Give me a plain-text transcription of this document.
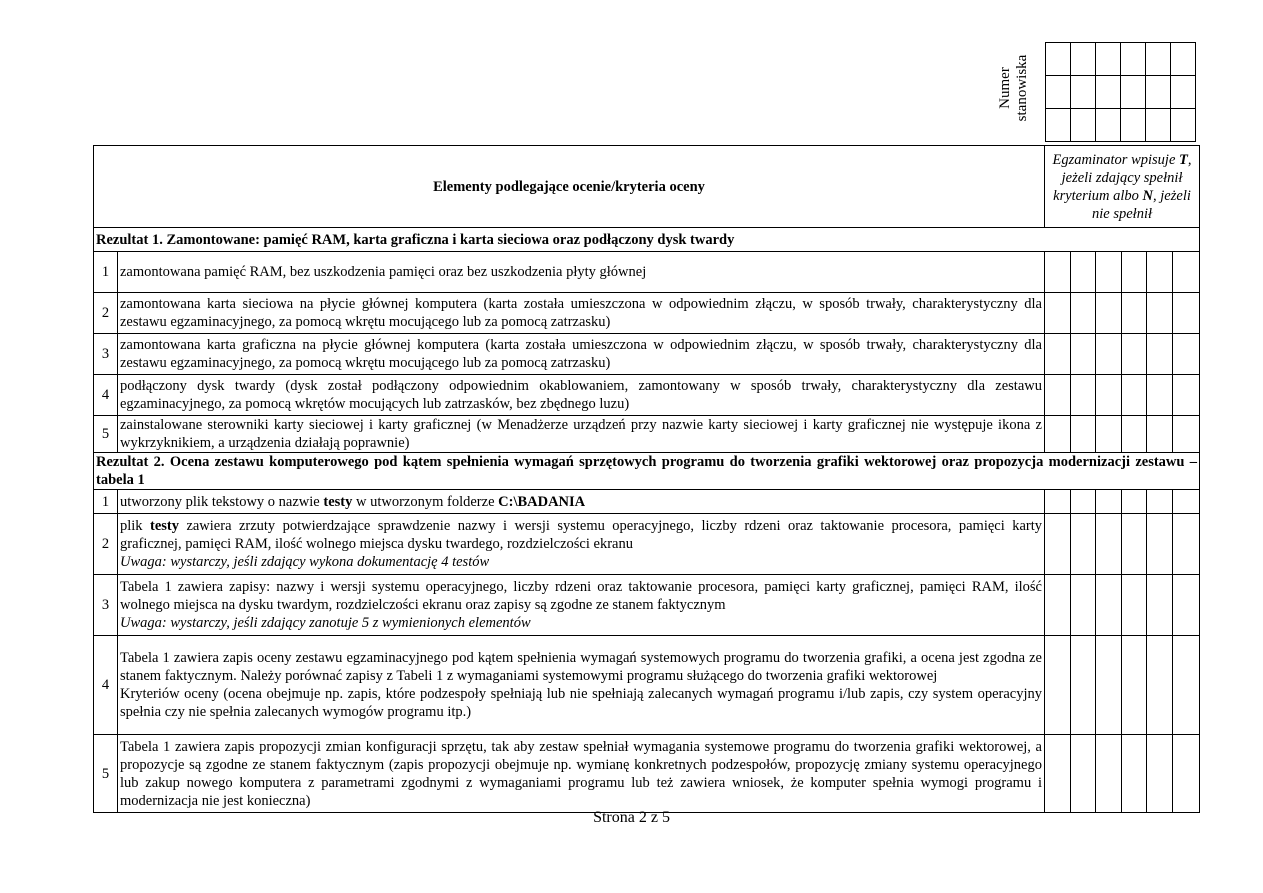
Numer
stanowiska

Elementy podlegające ocenie/kryteria oceny		Egzaminator wpisuje T, jeżeli zdający spełnił kryterium albo N, jeżeli nie spełnił					
Rezultat 1. Zamontowane: pamięć RAM, karta graficzna i karta sieciowa oraz podłączony dysk twardy							
1	zamontowana pamięć RAM, bez uszkodzenia pamięci oraz bez uszkodzenia płyty głównej						
2	zamontowana karta sieciowa na płycie głównej komputera (karta została umieszczona w odpowiednim złączu, w sposób trwały, charakterystyczny dla zestawu egzaminacyjnego, za pomocą wkrętu mocującego lub za pomocą zatrzasku)						
3	zamontowana karta graficzna na płycie głównej komputera (karta została umieszczona w odpowiednim złączu, w sposób trwały, charakterystyczny dla zestawu egzaminacyjnego, za pomocą wkrętu mocującego lub za pomocą zatrzasku)						
4	podłączony dysk twardy (dysk został podłączony odpowiednim okablowaniem, zamontowany w sposób trwały, charakterystyczny dla zestawu egzaminacyjnego, za pomocą wkrętów mocujących lub zatrzasków, bez zbędnego luzu)						
5	zainstalowane sterowniki karty sieciowej i karty graficznej (w Menadżerze urządzeń przy nazwie karty sieciowej i karty graficznej nie występuje ikona z wykrzyknikiem, a urządzenia działają poprawnie)						
Rezultat 2. Ocena zestawu komputerowego pod kątem spełnienia wymagań sprzętowych programu do tworzenia grafiki wektorowej oraz propozycja modernizacji zestawu – tabela 1							
1	utworzony plik tekstowy o nazwie testy w utworzonym folderze C:\BADANIA						
2	plik testy zawiera zrzuty potwierdzające sprawdzenie nazwy i wersji systemu operacyjnego, liczby rdzeni oraz taktowanie procesora, pamięci karty graficznej, pamięci RAM, ilość wolnego miejsca dysku twardego, rozdzielczości ekranu
Uwaga: wystarczy, jeśli zdający wykona dokumentację 4 testów						
3	Tabela 1 zawiera zapisy: nazwy i wersji systemu operacyjnego, liczby rdzeni oraz taktowanie procesora, pamięci karty graficznej, pamięci RAM, ilość wolnego miejsca na dysku twardym, rozdzielczości ekranu oraz zapisy są zgodne ze stanem faktycznym
Uwaga: wystarczy, jeśli zdający zanotuje 5 z wymienionych elementów						
4	Tabela 1 zawiera zapis oceny zestawu egzaminacyjnego pod kątem spełnienia wymagań systemowych programu do tworzenia grafiki, a ocena jest zgodna ze stanem faktycznym. Należy porównać zapisy z Tabeli 1 z wymaganiami systemowymi programu służącego do tworzenia grafiki wektorowej
Kryteriów oceny (ocena obejmuje np. zapis, które podzespoły spełniają lub nie spełniają zalecanych wymagań programu i/lub zapis, czy system operacyjny spełnia czy nie spełnia zalecanych wymogów programu itp.)						
5	Tabela 1 zawiera zapis propozycji zmian konfiguracji sprzętu, tak aby zestaw spełniał wymagania systemowe programu do tworzenia grafiki wektorowej, a propozycje są zgodne ze stanem faktycznym (zapis propozycji obejmuje np. wymianę konkretnych podzespołów, propozycję zmiany systemu operacyjnego lub zakup nowego komputera z parametrami zgodnymi z wymaganiami programu lub też zawiera wniosek, że komputer spełnia wymogi programu i modernizacja nie jest konieczna)						
Strona 2 z 5
